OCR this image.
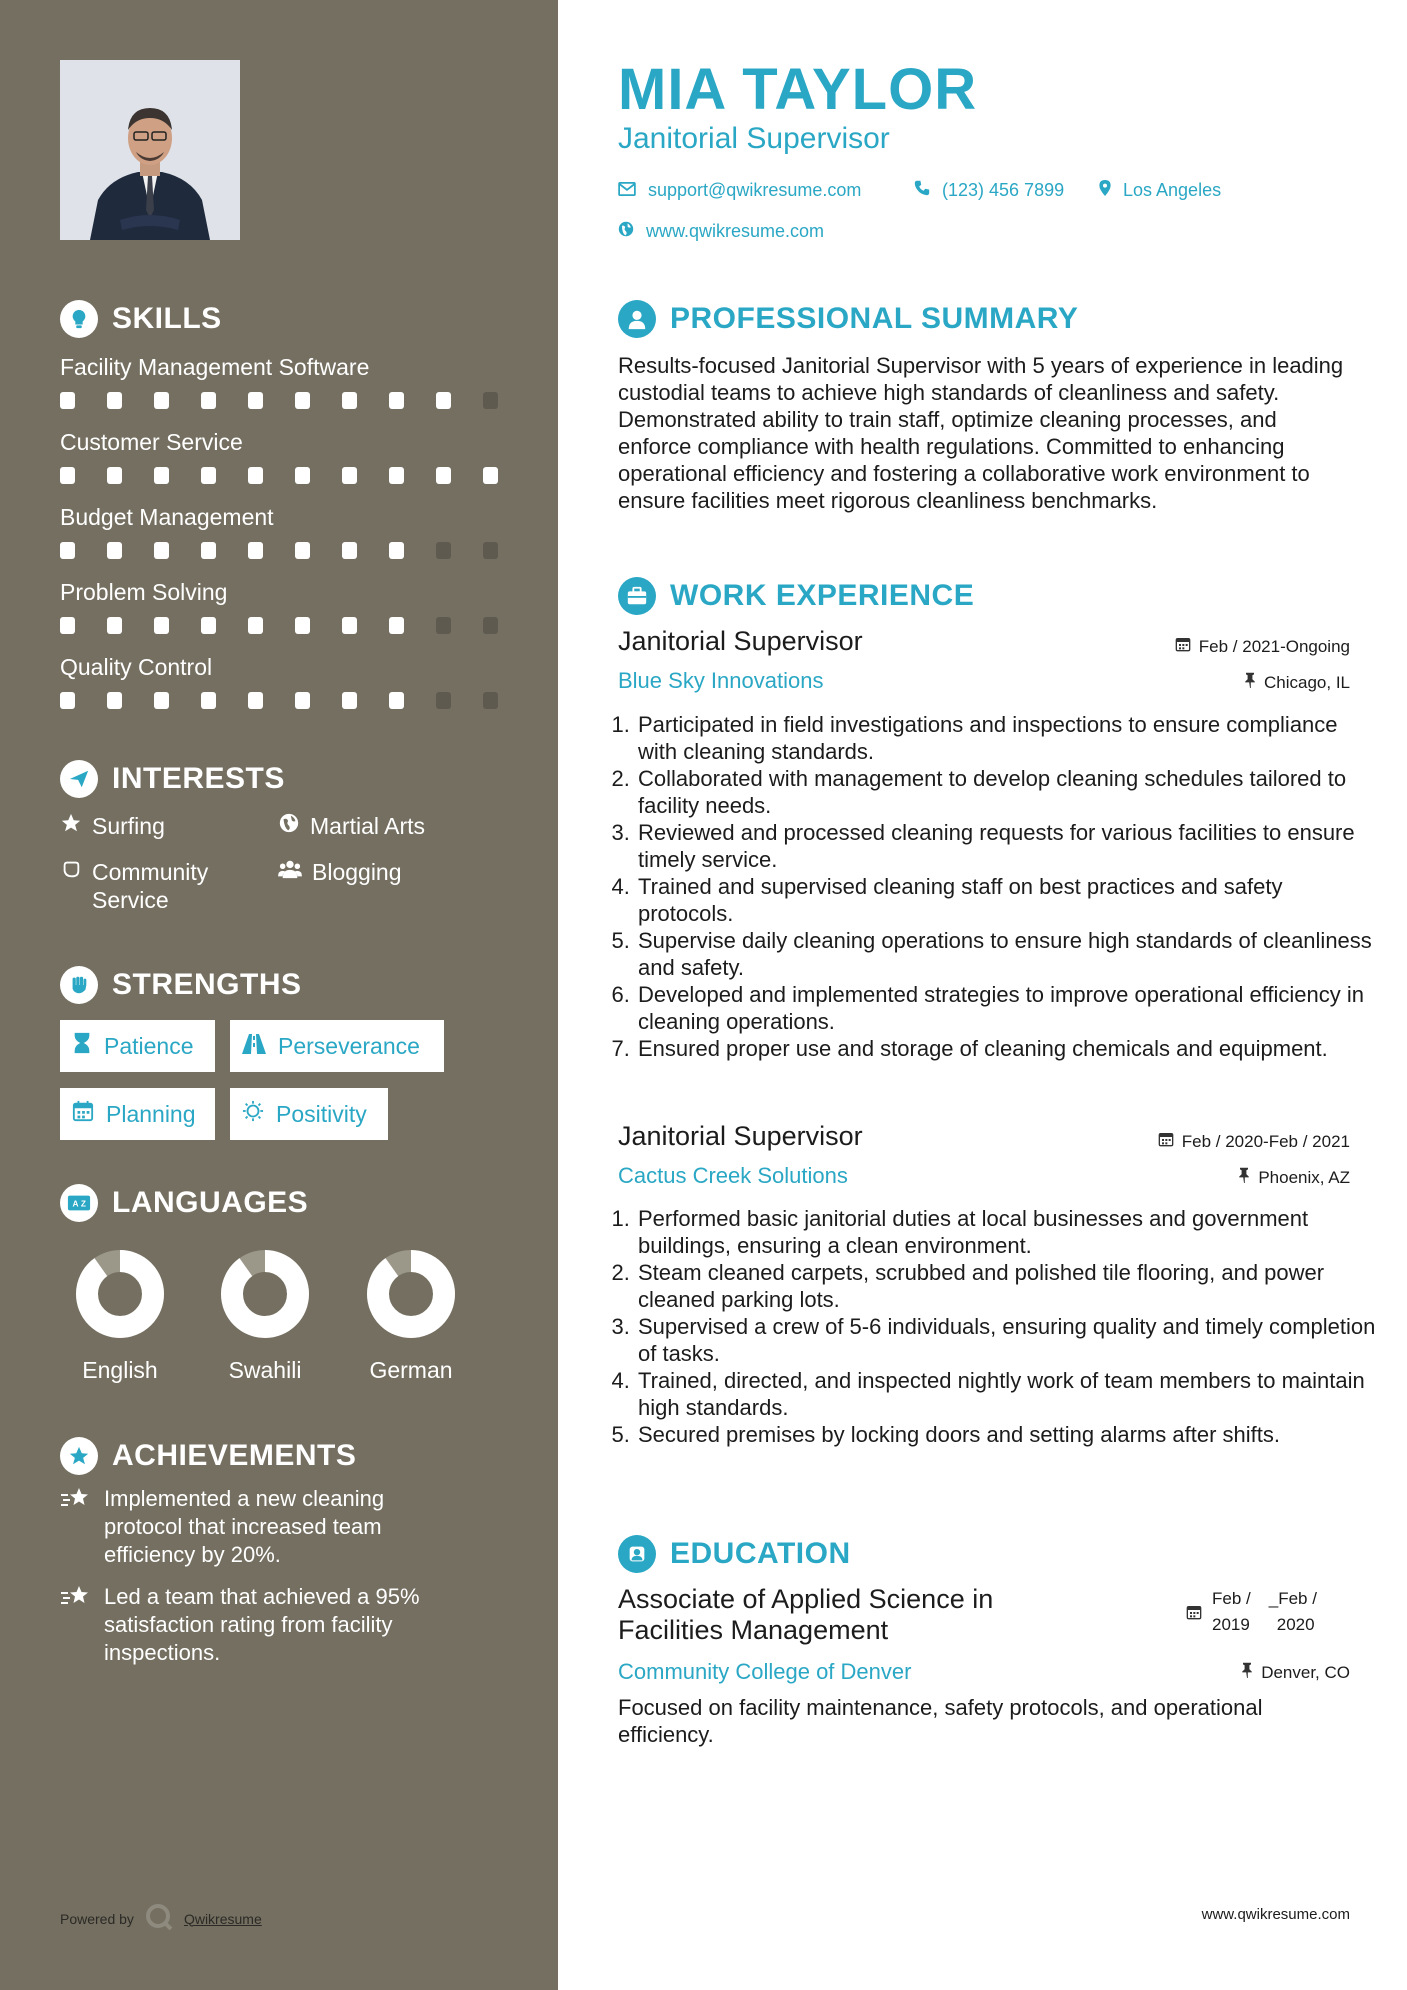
SKILLS
Facility Management Software
Customer Service
Budget Management
Problem Solving
Quality Control
INTERESTS
Surfing	Martial Arts
Community Service
Blogging
STRENGTHS
Patience	Perseverance
Planning	Positivity
A Z LANGUAGES
English	Swahili	German
ACHIEVEMENTS
Implemented a new cleaning protocol that increased team efficiency by 20%.
Led a team that achieved a 95% satisfaction rating from facility inspections.
Powered by	Qwikresume
MIA TAYLOR
Janitorial Supervisor
support@qwikresume.com	(123) 456 7899	Los Angeles
www.qwikresume.com
PROFESSIONAL SUMMARY
Results-focused Janitorial Supervisor with 5 years of experience in leading custodial teams to achieve high standards of cleanliness and safety. Demonstrated ability to train staff, optimize cleaning processes, and enforce compliance with health regulations. Committed to enhancing operational efficiency and fostering a collaborative work environment to ensure facilities meet rigorous cleanliness benchmarks.
WORK EXPERIENCE
Janitorial Supervisor	Feb / 2021-Ongoing
Blue Sky Innovations	Chicago, IL
1. Participated in field investigations and inspections to ensure compliance with cleaning standards.
2. Collaborated with management to develop cleaning schedules tailored to facility needs.
3. Reviewed and processed cleaning requests for various facilities to ensure timely service.
4. Trained and supervised cleaning staff on best practices and safety protocols.
5. Supervise daily cleaning operations to ensure high standards of cleanliness and safety.
6. Developed and implemented strategies to improve operational efficiency in cleaning operations.
7. Ensured proper use and storage of cleaning chemicals and equipment.
Janitorial Supervisor	Feb / 2020-Feb / 2021
Cactus Creek Solutions	Phoenix, AZ
1. Performed basic janitorial duties at local businesses and government buildings, ensuring a clean environment.
2. Steam cleaned carpets, scrubbed and polished tile flooring, and power cleaned parking lots.
3. Supervised a crew of 5-6 individuals, ensuring quality and timely completion of tasks.
4. Trained, directed, and inspected nightly work of team members to maintain high standards.
5. Secured premises by locking doors and setting alarms after shifts.
EDUCATION
Associate of Applied Science in
Facilities Management
Feb /
2019
_Feb /
2020
Community College of Denver	Denver, CO
Focused on facility maintenance, safety protocols, and operational efficiency.
www.qwikresume.com
